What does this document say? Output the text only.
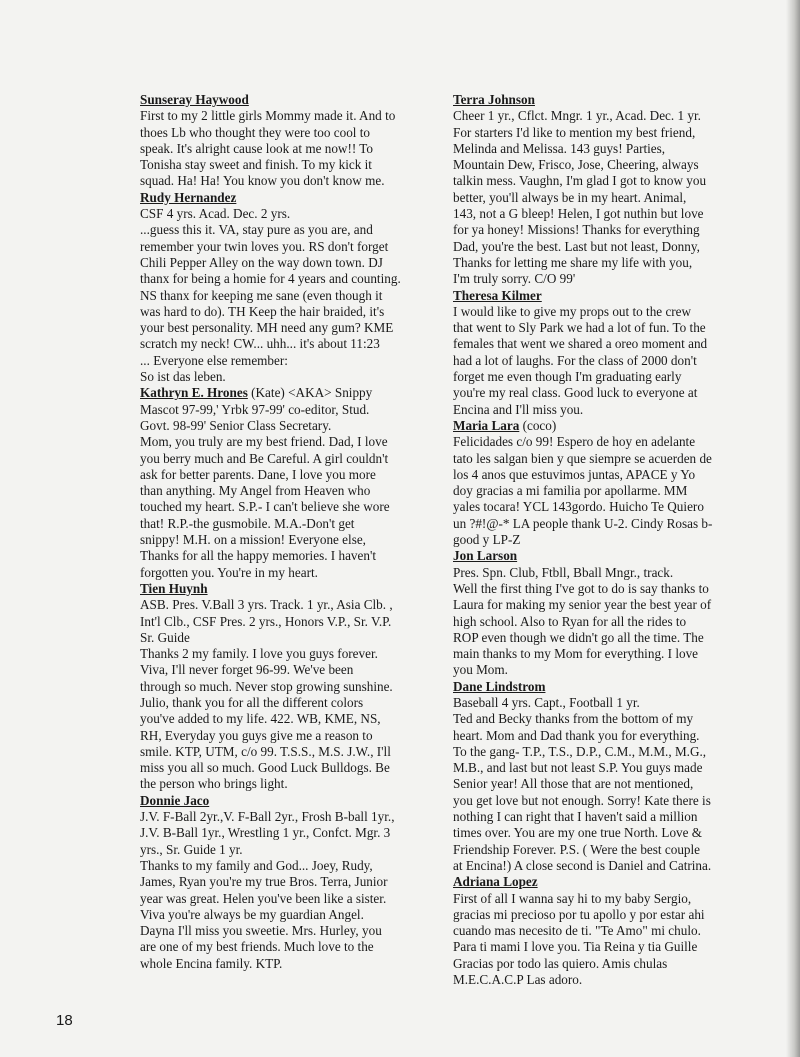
Sunseray Haywood
First to my 2 little girls Mommy made it. And to
thoes Lb who thought they were too cool to
speak. It's alright cause look at me now!! To
Tonisha stay sweet and finish. To my kick it
squad. Ha! Ha! You know you don't know me.
Rudy Hernandez
CSF 4 yrs. Acad. Dec. 2 yrs.
...guess this it. VA, stay pure as you are, and
remember your twin loves you. RS don't forget
Chili Pepper Alley on the way down town. DJ
thanx for being a homie for 4 years and counting.
NS thanx for keeping me sane (even though it
was hard to do). TH Keep the hair braided, it's
your best personality. MH need any gum? KME
scratch my neck! CW... uhh... it's about 11:23
... Everyone else remember:
So ist das leben.
Kathryn E. Hrones (Kate) <AKA> Snippy
Mascot 97-99,' Yrbk 97-99' co-editor, Stud.
Govt. 98-99' Senior Class Secretary.
Mom, you truly are my best friend. Dad, I love
you berry much and Be Careful. A girl couldn't
ask for better parents. Dane, I love you more
than anything. My Angel from Heaven who
touched my heart. S.P.- I can't believe she wore
that! R.P.-the gusmobile. M.A.-Don't get
snippy! M.H. on a mission! Everyone else,
Thanks for all the happy memories. I haven't
forgotten you. You're in my heart.
Tien Huynh
ASB. Pres. V.Ball 3 yrs. Track. 1 yr., Asia Clb. ,
Int'l Clb., CSF Pres. 2 yrs., Honors V.P., Sr. V.P.
Sr. Guide
Thanks 2 my family. I love you guys forever.
Viva, I'll never forget 96-99. We've been
through so much. Never stop growing sunshine.
Julio, thank you for all the different colors
you've added to my life. 422. WB, KME, NS,
RH, Everyday you guys give me a reason to
smile. KTP, UTM, c/o 99. T.S.S., M.S. J.W., I'll
miss you all so much. Good Luck Bulldogs. Be
the person who brings light.
Donnie Jaco
J.V. F-Ball 2yr.,V. F-Ball 2yr., Frosh B-ball 1yr.,
J.V. B-Ball 1yr., Wrestling 1 yr., Confct. Mgr. 3
yrs., Sr. Guide 1 yr.
Thanks to my family and God... Joey, Rudy,
James, Ryan you're my true Bros. Terra, Junior
year was great. Helen you've been like a sister.
Viva you're always be my guardian Angel.
Dayna I'll miss you sweetie. Mrs. Hurley, you
are one of my best friends. Much love to the
whole Encina family. KTP.
Terra Johnson
Cheer 1 yr., Cflct. Mngr. 1 yr., Acad. Dec. 1 yr.
For starters I'd like to mention my best friend,
Melinda and Melissa. 143 guys! Parties,
Mountain Dew, Frisco, Jose, Cheering, always
talkin mess. Vaughn, I'm glad I got to know you
better, you'll always be in my heart. Animal,
143, not a G bleep! Helen, I got nuthin but love
for ya honey! Missions! Thanks for everything
Dad, you're the best. Last but not least, Donny,
Thanks for letting me share my life with you,
I'm truly sorry. C/O 99'
Theresa Kilmer
I would like to give my props out to the crew
that went to Sly Park we had a lot of fun. To the
females that went we shared a oreo moment and
had a lot of laughs. For the class of 2000 don't
forget me even though I'm graduating early
you're my real class. Good luck to everyone at
Encina and I'll miss you.
Maria Lara (coco)
Felicidades c/o 99! Espero de hoy en adelante
tato les salgan bien y que siempre se acuerden de
los 4 anos que estuvimos juntas, APACE y Yo
doy gracias a mi familia por apollarme. MM
yales tocara! YCL 143gordo. Huicho Te Quiero
un ?#!@-* LA people thank U-2. Cindy Rosas b-
good y LP-Z
Jon Larson
Pres. Spn. Club, Ftbll, Bball Mngr., track.
Well the first thing I've got to do is say thanks to
Laura for making my senior year the best year of
high school. Also to Ryan for all the rides to
ROP even though we didn't go all the time. The
main thanks to my Mom for everything. I love
you Mom.
Dane Lindstrom
Baseball 4 yrs. Capt., Football 1 yr.
Ted and Becky thanks from the bottom of my
heart. Mom and Dad thank you for everything.
To the gang- T.P., T.S., D.P., C.M., M.M., M.G.,
M.B., and last but not least S.P. You guys made
Senior year! All those that are not mentioned,
you get love but not enough. Sorry! Kate there is
nothing I can right that I haven't said a million
times over. You are my one true North. Love &
Friendship Forever. P.S. ( Were the best couple
at Encina!) A close second is Daniel and Catrina.
Adriana Lopez
First of all I wanna say hi to my baby Sergio,
gracias mi precioso por tu apollo y por estar ahi
cuando mas necesito de ti. "Te Amo" mi chulo.
Para ti mami I love you. Tia Reina y tia Guille
Gracias por todo las quiero. Amis chulas
M.E.C.A.C.P Las adoro.
18
